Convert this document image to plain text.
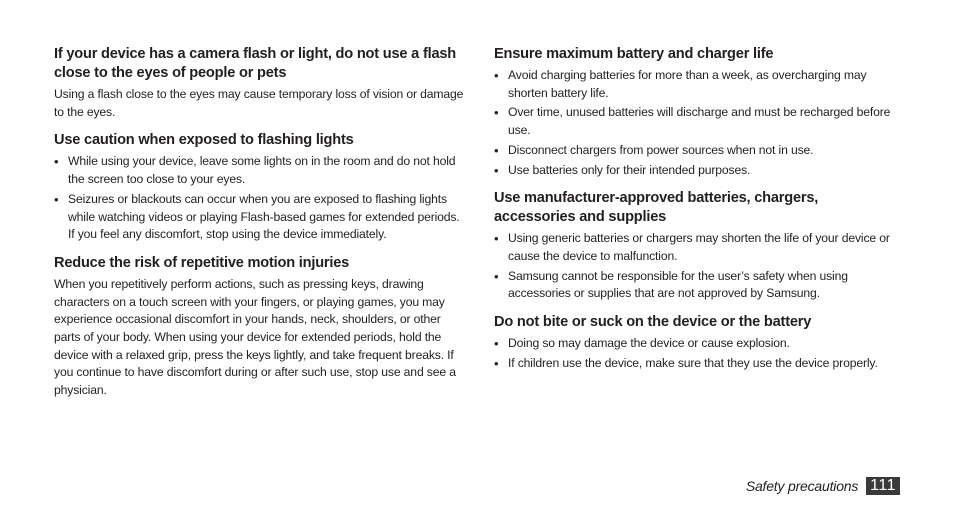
If your device has a camera flash or light, do not use a flash close to the eyes of people or pets

Using a flash close to the eyes may cause temporary loss of vision or damage to the eyes.

Use caution when exposed to flashing lights

• While using your device, leave some lights on in the room and do not hold the screen too close to your eyes.
• Seizures or blackouts can occur when you are exposed to flashing lights while watching videos or playing Flash-based games for extended periods. If you feel any discomfort, stop using the device immediately.

Reduce the risk of repetitive motion injuries

When you repetitively perform actions, such as pressing keys, drawing characters on a touch screen with your fingers, or playing games, you may experience occasional discomfort in your hands, neck, shoulders, or other parts of your body. When using your device for extended periods, hold the device with a relaxed grip, press the keys lightly, and take frequent breaks. If you continue to have discomfort during or after such use, stop use and see a physician.

Ensure maximum battery and charger life

• Avoid charging batteries for more than a week, as overcharging may shorten battery life.
• Over time, unused batteries will discharge and must be recharged before use.
• Disconnect chargers from power sources when not in use.
• Use batteries only for their intended purposes.

Use manufacturer-approved batteries, chargers, accessories and supplies

• Using generic batteries or chargers may shorten the life of your device or cause the device to malfunction.
• Samsung cannot be responsible for the user’s safety when using accessories or supplies that are not approved by Samsung.

Do not bite or suck on the device or the battery

• Doing so may damage the device or cause explosion.
• If children use the device, make sure that they use the device properly.
Safety precautions 111
